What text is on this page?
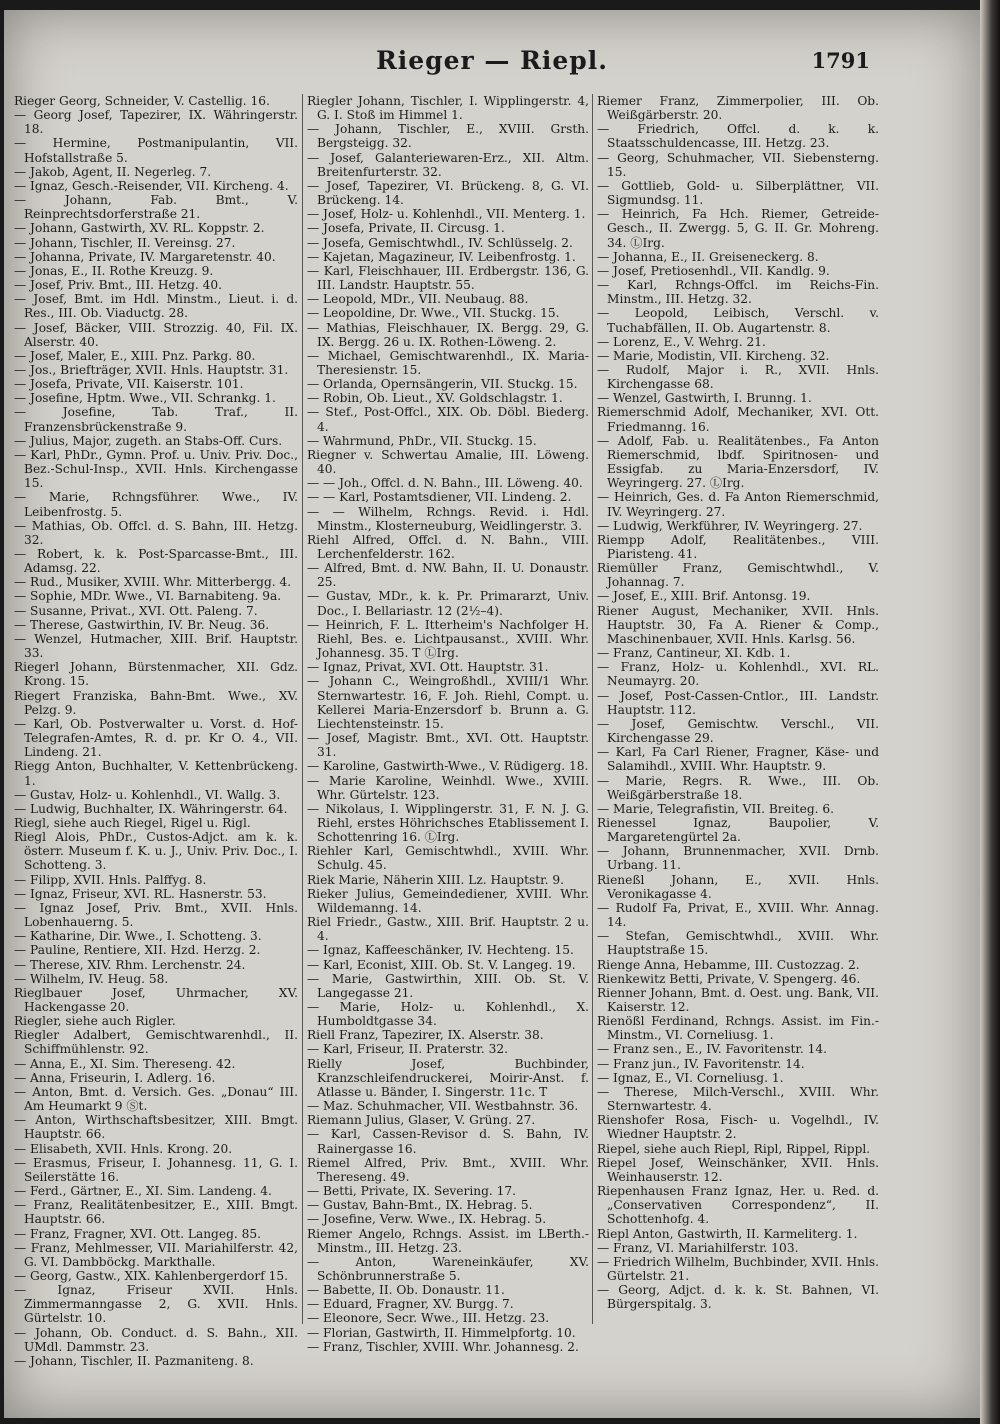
Rieger — Riepl.	1791

Rieger Georg, Schneider, V. Castellig. 16.

— Georg Josef, Tapezirer, IX. Währingerstr. 18.

— Hermine, Postmanipulantin, VII. Hofstallstraße 5.

— Jakob, Agent, II. Negerleg. 7.

— Ignaz, Gesch.-Reisender, VII. Kircheng. 4.

— Johann, Fab. Bmt., V. Reinprechtsdorferstraße 21.

— Johann, Gastwirth, XV. RL. Koppstr. 2.

— Johann, Tischler, II. Vereinsg. 27.

— Johanna, Private, IV. Margaretenstr. 40.

— Jonas, E., II. Rothe Kreuzg. 9.

— Josef, Priv. Bmt., III. Hetzg. 40.

— Josef, Bmt. im Hdl. Minstm., Lieut. i. d. Res., III. Ob. Viaductg. 28.

— Josef, Bäcker, VIII. Strozzig. 40, Fil. IX. Alserstr. 40.

— Josef, Maler, E., XIII. Pnz. Parkg. 80.

— Jos., Briefträger, XVII. Hnls. Hauptstr. 31.

— Josefa, Private, VII. Kaiserstr. 101.

— Josefine, Hptm. Wwe., VII. Schrankg. 1.

— Josefine, Tab. Traf., II. Franzensbrückenstraße 9.

— Julius, Major, zugeth. an Stabs-Off. Curs.

— Karl, PhDr., Gymn. Prof. u. Univ. Priv. Doc., Bez.-Schul-Insp., XVII. Hnls. Kirchengasse 15.

— Marie, Rchngsführer. Wwe., IV. Leibenfrostg. 5.

— Mathias, Ob. Offcl. d. S. Bahn, III. Hetzg. 32.

— Robert, k. k. Post-Sparcasse-Bmt., III. Adamsg. 22.

— Rud., Musiker, XVIII. Whr. Mitterbergg. 4.

— Sophie, MDr. Wwe., VI. Barnabiteng. 9a.

— Susanne, Privat., XVI. Ott. Paleng. 7.

— Therese, Gastwirthin, IV. Br. Neug. 36.

— Wenzel, Hutmacher, XIII. Brif. Hauptstr. 33.

Riegerl Johann, Bürstenmacher, XII. Gdz. Krong. 15.

Riegert Franziska, Bahn-Bmt. Wwe., XV. Pelzg. 9.

— Karl, Ob. Postverwalter u. Vorst. d. Hof-Telegrafen-Amtes, R. d. pr. Kr O. 4., VII. Lindeng. 21.

Riegg Anton, Buchhalter, V. Kettenbrückeng. 1.

— Gustav, Holz- u. Kohlenhdl., VI. Wallg. 3.

— Ludwig, Buchhalter, IX. Währingerstr. 64.

Riegl, siehe auch Riegel, Rigel u. Rigl.

Riegl Alois, PhDr., Custos-Adjct. am k. k. österr. Museum f. K. u. J., Univ. Priv. Doc., I. Schotteng. 3.

— Filipp, XVII. Hnls. Palffyg. 8.

— Ignaz, Friseur, XVI. RL. Hasnerstr. 53.

— Ignaz Josef, Priv. Bmt., XVII. Hnls. Lobenhauerng. 5.

— Katharine, Dir. Wwe., I. Schotteng. 3.

— Pauline, Rentiere, XII. Hzd. Herzg. 2.

— Therese, XIV. Rhm. Lerchenstr. 24.

— Wilhelm, IV. Heug. 58.

Rieglbauer Josef, Uhrmacher, XV. Hackengasse 20.

Riegler, siehe auch Rigler.

Riegler Adalbert, Gemischtwarenhdl., II. Schiffmühlenstr. 92.

— Anna, E., XI. Sim. Thereseng. 42.

— Anna, Friseurin, I. Adlerg. 16.

— Anton, Bmt. d. Versich. Ges. „Donau“ III. Am Heumarkt 9 Ⓢt.

— Anton, Wirthschaftsbesitzer, XIII. Bmgt. Hauptstr. 66.

— Elisabeth, XVII. Hnls. Krong. 20.

— Erasmus, Friseur, I. Johannesg. 11, G. I. Seilerstätte 16.

— Ferd., Gärtner, E., XI. Sim. Landeng. 4.

— Franz, Realitätenbesitzer, E., XIII. Bmgt. Hauptstr. 66.

— Franz, Fragner, XVI. Ott. Langeg. 85.

— Franz, Mehlmesser, VII. Mariahilferstr. 42, G. VI. Dambböckg. Markthalle.

— Georg, Gastw., XIX. Kahlenbergerdorf 15.

— Ignaz, Friseur XVII. Hnls. Zimmermanngasse 2, G. XVII. Hnls. Gürtelstr. 10.

— Johann, Ob. Conduct. d. S. Bahn., XII. UMdl. Dammstr. 23.

— Johann, Tischler, II. Pazmaniteng. 8.

Riegler Johann, Tischler, I. Wipplingerstr. 4, G. I. Stoß im Himmel 1.

— Johann, Tischler, E., XVIII. Grsth. Bergsteigg. 32.

— Josef, Galanteriewaren-Erz., XII. Altm. Breitenfurterstr. 32.

— Josef, Tapezirer, VI. Brückeng. 8, G. VI. Brückeng. 14.

— Josef, Holz- u. Kohlenhdl., VII. Menterg. 1.

— Josefa, Private, II. Circusg. 1.

— Josefa, Gemischtwhdl., IV. Schlüsselg. 2.

— Kajetan, Magazineur, IV. Leibenfrostg. 1.

— Karl, Fleischhauer, III. Erdbergstr. 136, G. III. Landstr. Hauptstr. 55.

— Leopold, MDr., VII. Neubaug. 88.

— Leopoldine, Dr. Wwe., VII. Stuckg. 15.

— Mathias, Fleischhauer, IX. Bergg. 29, G. IX. Bergg. 26 u. IX. Rothen-Löweng. 2.

— Michael, Gemischtwarenhdl., IX. Maria-Theresienstr. 15.

— Orlanda, Opernsängerin, VII. Stuckg. 15.

— Robin, Ob. Lieut., XV. Goldschlagstr. 1.

— Stef., Post-Offcl., XIX. Ob. Döbl. Biederg. 4.

— Wahrmund, PhDr., VII. Stuckg. 15.

Riegner v. Schwertau Amalie, III. Löweng. 40.

— — Joh., Offcl. d. N. Bahn., III. Löweng. 40.

— — Karl, Postamtsdiener, VII. Lindeng. 2.

— — Wilhelm, Rchngs. Revid. i. Hdl. Minstm., Klosterneuburg, Weidlingerstr. 3.

Riehl Alfred, Offcl. d. N. Bahn., VIII. Lerchenfelderstr. 162.

— Alfred, Bmt. d. NW. Bahn, II. U. Donaustr. 25.

— Gustav, MDr., k. k. Pr. Primararzt, Univ. Doc., I. Bellariastr. 12 (2½–4).

— Heinrich, F. L. Itterheim's Nachfolger H. Riehl, Bes. e. Lichtpausanst., XVIII. Whr. Johannesg. 35. T ⓁIrg.

— Ignaz, Privat, XVI. Ott. Hauptstr. 31.

— Johann C., Weingroßhdl., XVIII/1 Whr. Sternwartestr. 16, F. Joh. Riehl, Compt. u. Kellerei Maria-Enzersdorf b. Brunn a. G. Liechtensteinstr. 15.

— Josef, Magistr. Bmt., XVI. Ott. Hauptstr. 31.

— Karoline, Gastwirth-Wwe., V. Rüdigerg. 18.

— Marie Karoline, Weinhdl. Wwe., XVIII. Whr. Gürtelstr. 123.

— Nikolaus, I. Wipplingerstr. 31, F. N. J. G. Riehl, erstes Höhrichsches Etablissement I. Schottenring 16. ⓁIrg.

Riehler Karl, Gemischtwhdl., XVIII. Whr. Schulg. 45.

Riek Marie, Näherin XIII. Lz. Hauptstr. 9.

Rieker Julius, Gemeindediener, XVIII. Whr. Wildemanng. 14.

Riel Friedr., Gastw., XIII. Brif. Hauptstr. 2 u. 4.

— Ignaz, Kaffeeschänker, IV. Hechteng. 15.

— Karl, Econist, XIII. Ob. St. V. Langeg. 19.

— Marie, Gastwirthin, XIII. Ob. St. V. Langegasse 21.

— Marie, Holz- u. Kohlenhdl., X. Humboldtgasse 34.

Riell Franz, Tapezirer, IX. Alserstr. 38.

— Karl, Friseur, II. Praterstr. 32.

Rielly Josef, Buchbinder, Kranzschleifendruckerei, Moirir-Anst. f. Atlasse u. Bänder, I. Singerstr. 11c. T

— Maz. Schuhmacher, VII. Westbahnstr. 36.

Riemann Julius, Glaser, V. Grüng. 27.

— Karl, Cassen-Revisor d. S. Bahn, IV. Rainergasse 16.

Riemel Alfred, Priv. Bmt., XVIII. Whr. Thereseng. 49.

— Betti, Private, IX. Severing. 17.

— Gustav, Bahn-Bmt., IX. Hebrag. 5.

— Josefine, Verw. Wwe., IX. Hebrag. 5.

Riemer Angelo, Rchngs. Assist. im LBerth.-Minstm., III. Hetzg. 23.

— Anton, Wareneinkäufer, XV. Schönbrunnerstraße 5.

— Babette, II. Ob. Donaustr. 11.

— Eduard, Fragner, XV. Burgg. 7.

— Eleonore, Secr. Wwe., III. Hetzg. 23.

— Florian, Gastwirth, II. Himmelpfortg. 10.

— Franz, Tischler, XVIII. Whr. Johannesg. 2.

Riemer Franz, Zimmerpolier, III. Ob. Weißgärberstr. 20.

— Friedrich, Offcl. d. k. k. Staatsschuldencasse, III. Hetzg. 23.

— Georg, Schuhmacher, VII. Siebensterng. 15.

— Gottlieb, Gold- u. Silberplättner, VII. Sigmundsg. 11.

— Heinrich, Fa Hch. Riemer, Getreide-Gesch., II. Zwergg. 5, G. II. Gr. Mohreng. 34. ⓁIrg.

— Johanna, E., II. Greiseneckerg. 8.

— Josef, Pretiosenhdl., VII. Kandlg. 9.

— Karl, Rchngs-Offcl. im Reichs-Fin. Minstm., III. Hetzg. 32.

— Leopold, Leibisch, Verschl. v. Tuchabfällen, II. Ob. Augartenstr. 8.

— Lorenz, E., V. Wehrg. 21.

— Marie, Modistin, VII. Kircheng. 32.

— Rudolf, Major i. R., XVII. Hnls. Kirchengasse 68.

— Wenzel, Gastwirth, I. Brunng. 1.

Riemerschmid Adolf, Mechaniker, XVI. Ott. Friedmanng. 16.

— Adolf, Fab. u. Realitätenbes., Fa Anton Riemerschmid, lbdf. Spiritnosen- und Essigfab. zu Maria-Enzersdorf, IV. Weyringerg. 27. ⓁIrg.

— Heinrich, Ges. d. Fa Anton Riemerschmid, IV. Weyringerg. 27.

— Ludwig, Werkführer, IV. Weyringerg. 27.

Riempp Adolf, Realitätenbes., VIII. Piaristeng. 41.

Riemüller Franz, Gemischtwhdl., V. Johannag. 7.

— Josef, E., XIII. Brif. Antonsg. 19.

Riener August, Mechaniker, XVII. Hnls. Hauptstr. 30, Fa A. Riener & Comp., Maschinenbauer, XVII. Hnls. Karlsg. 56.

— Franz, Cantineur, XI. Kdb. 1.

— Franz, Holz- u. Kohlenhdl., XVI. RL. Neumayrg. 20.

— Josef, Post-Cassen-Cntlor., III. Landstr. Hauptstr. 112.

— Josef, Gemischtw. Verschl., VII. Kirchengasse 29.

— Karl, Fa Carl Riener, Fragner, Käse- und Salamihdl., XVIII. Whr. Hauptstr. 9.

— Marie, Regrs. R. Wwe., III. Ob. Weißgärberstraße 18.

— Marie, Telegrafistin, VII. Breiteg. 6.

Rienessel Ignaz, Baupolier, V. Margaretengürtel 2a.

— Johann, Brunnenmacher, XVII. Drnb. Urbang. 11.

Rieneßl Johann, E., XVII. Hnls. Veronikagasse 4.

— Rudolf Fa, Privat, E., XVIII. Whr. Annag. 14.

— Stefan, Gemischtwhdl., XVIII. Whr. Hauptstraße 15.

Rienge Anna, Hebamme, III. Custozzag. 2.

Rienkewitz Betti, Private, V. Spengerg. 46.

Rienner Johann, Bmt. d. Oest. ung. Bank, VII. Kaiserstr. 12.

Rienößl Ferdinand, Rchngs. Assist. im Fin.-Minstm., VI. Corneliusg. 1.

— Franz sen., E., IV. Favoritenstr. 14.

— Franz jun., IV. Favoritenstr. 14.

— Ignaz, E., VI. Corneliusg. 1.

— Therese, Milch-Verschl., XVIII. Whr. Sternwartestr. 4.

Rienshofer Rosa, Fisch- u. Vogelhdl., IV. Wiedner Hauptstr. 2.

Riepel, siehe auch Riepl, Ripl, Rippel, Rippl.

Riepel Josef, Weinschänker, XVII. Hnls. Weinhauserstr. 12.

Riepenhausen Franz Ignaz, Her. u. Red. d. „Conservativen Correspondenz“, II. Schottenhofg. 4.

Riepl Anton, Gastwirth, II. Karmeliterg. 1.

— Franz, VI. Mariahilferstr. 103.

— Friedrich Wilhelm, Buchbinder, XVII. Hnls. Gürtelstr. 21.

— Georg, Adjct. d. k. k. St. Bahnen, VI. Bürgerspitalg. 3.
